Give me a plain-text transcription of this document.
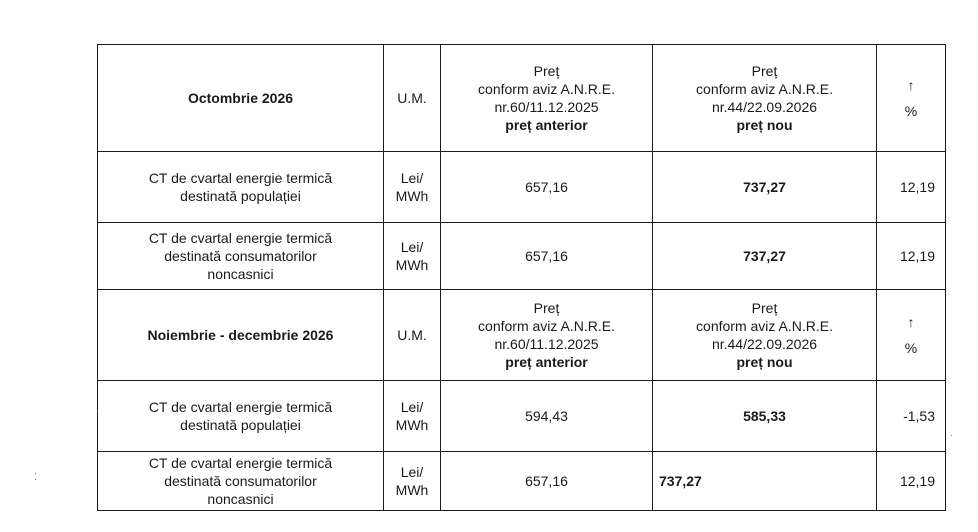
Octombrie 2026	U.M.	Preț
conform aviz A.N.R.E.
nr.60/11.12.2025
preț anterior	Preț
conform aviz A.N.R.E.
nr.44/22.09.2026
preț nou	↑
%

CT de cvartal energie termică
destinată populației	Lei/
MWh	657,16	737,27	12,19

CT de cvartal energie termică
destinată consumatorilor
noncasnici	Lei/
MWh	657,16	737,27	12,19
Noiembrie - decembrie 2026	U.M.	Preț
conform aviz A.N.R.E.
nr.60/11.12.2025
preț anterior	Preț
conform aviz A.N.R.E.
nr.44/22.09.2026
preț nou	↑
%

CT de cvartal energie termică
destinată populației	Lei/
MWh	594,43	585,33	-1,53

CT de cvartal energie termică
destinată consumatorilor
noncasnici	Lei/
MWh	657,16	737,27	12,19
·
·
⁚
